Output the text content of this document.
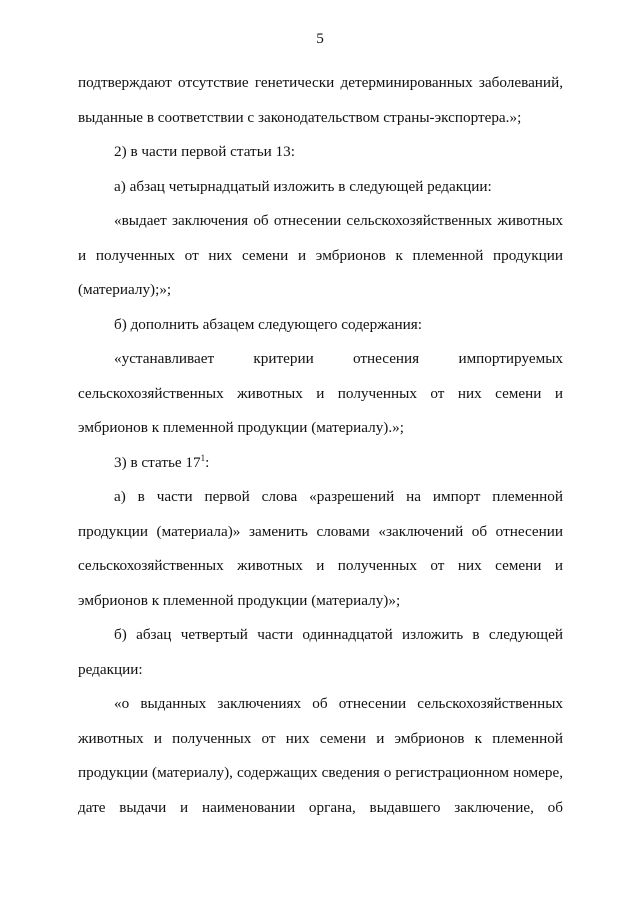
5
подтверждают отсутствие генетически детерминированных заболеваний,
выданные в соответствии с законодательством страны-экспортера.»;
2) в части первой статьи 13:
а) абзац четырнадцатый изложить в следующей редакции:
«выдает заключения об отнесении сельскохозяйственных животных
и полученных от них семени и эмбрионов к племенной продукции
(материалу);»;
б) дополнить абзацем следующего содержания:
«устанавливает критерии отнесения импортируемых
сельскохозяйственных животных и полученных от них семени и
эмбрионов к племенной продукции (материалу).»;
3) в статье $17^1$:
а) в части первой слова «разрешений на импорт племенной
продукции (материала)» заменить словами «заключений об отнесении
сельскохозяйственных животных и полученных от них семени и
эмбрионов к племенной продукции (материалу)»;
б) абзац четвертый части одиннадцатой изложить в следующей
редакции:
«о выданных заключениях об отнесении сельскохозяйственных
животных и полученных от них семени и эмбрионов к племенной
продукции (материалу), содержащих сведения о регистрационном номере,
дате выдачи и наименовании органа, выдавшего заключение, об
